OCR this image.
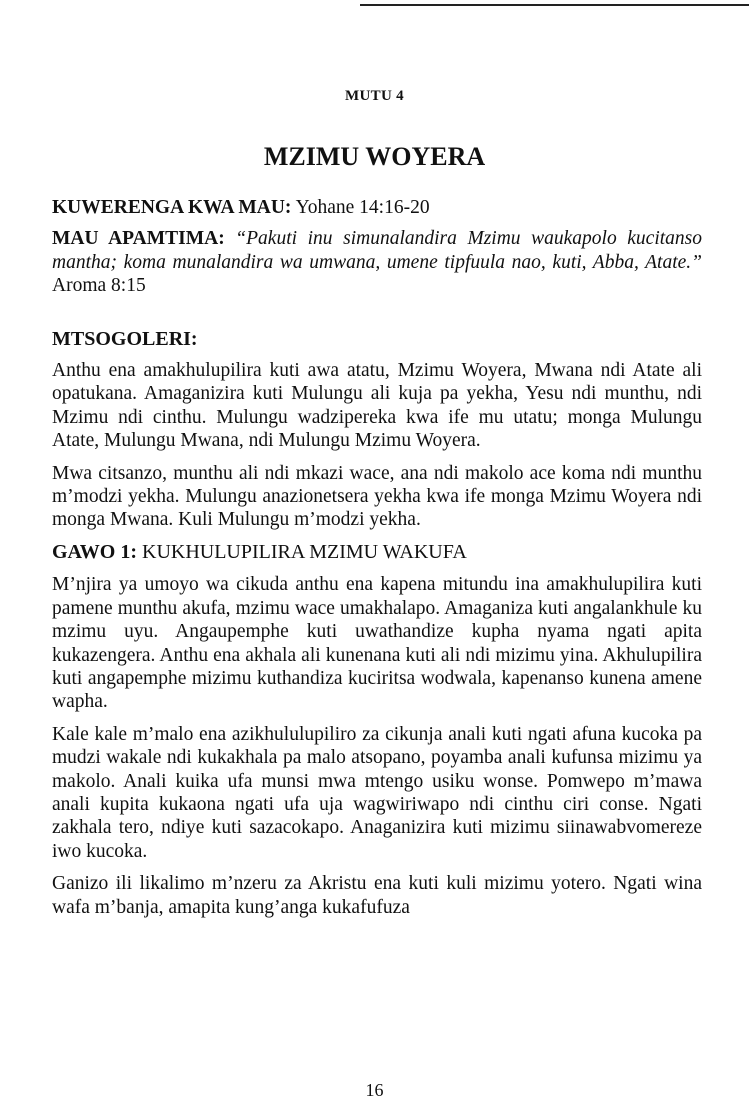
MUTU 4
MZIMU WOYERA
KUWERENGA KWA MAU: Yohane 14:16-20
MAU APAMTIMA: “Pakuti inu simunalandira Mzimu waukapolo kucitanso mantha; koma munalandira wa umwana, umene tipfuula nao, kuti, Abba, Atate.” Aroma 8:15
MTSOGOLERI:

Anthu ena amakhulupilira kuti awa atatu, Mzimu Woyera, Mwana ndi Atate ali opatukana. Amaganizira kuti Mulungu ali kuja pa yekha, Yesu ndi munthu, ndi Mzimu ndi cinthu. Mulungu wadzipereka kwa ife mu utatu; monga Mulungu Atate, Mulungu Mwana, ndi Mulungu Mzimu Woyera.

Mwa citsanzo, munthu ali ndi mkazi wace, ana ndi makolo ace koma ndi munthu m’modzi yekha. Mulungu anazionetsera yekha kwa ife monga Mzimu Woyera ndi monga Mwana. Kuli Mulungu m’modzi yekha.

GAWO 1: KUKHULUPILIRA MZIMU WAKUFA

M’njira ya umoyo wa cikuda anthu ena kapena mitundu ina amakhulupilira kuti pamene munthu akufa, mzimu wace umakhalapo. Amaganiza kuti angalankhule ku mzimu uyu. Angaupemphe kuti uwathandize kupha nyama ngati apita kukazengera. Anthu ena akhala ali kunenana kuti ali ndi mizimu yina. Akhulupilira kuti angapemphe mizimu kuthandiza kuciritsa wodwala, kapenanso kunena amene wapha.

Kale kale m’malo ena azikhululupiliro za cikunja anali kuti ngati afuna kucoka pa mudzi wakale ndi kukakhala pa malo atsopano, poyamba anali kufunsa mizimu ya makolo. Anali kuika ufa munsi mwa mtengo usiku wonse. Pomwepo m’mawa anali kupita kukaona ngati ufa uja wagwiriwapo ndi cinthu ciri conse. Ngati zakhala tero, ndiye kuti sazacokapo. Anaganizira kuti mizimu siinawabvomereze iwo kucoka.

Ganizo ili likalimo m’nzeru za Akristu ena kuti kuli mizimu yotero. Ngati wina wafa m’banja, amapita kung’anga kukafufuza

16
